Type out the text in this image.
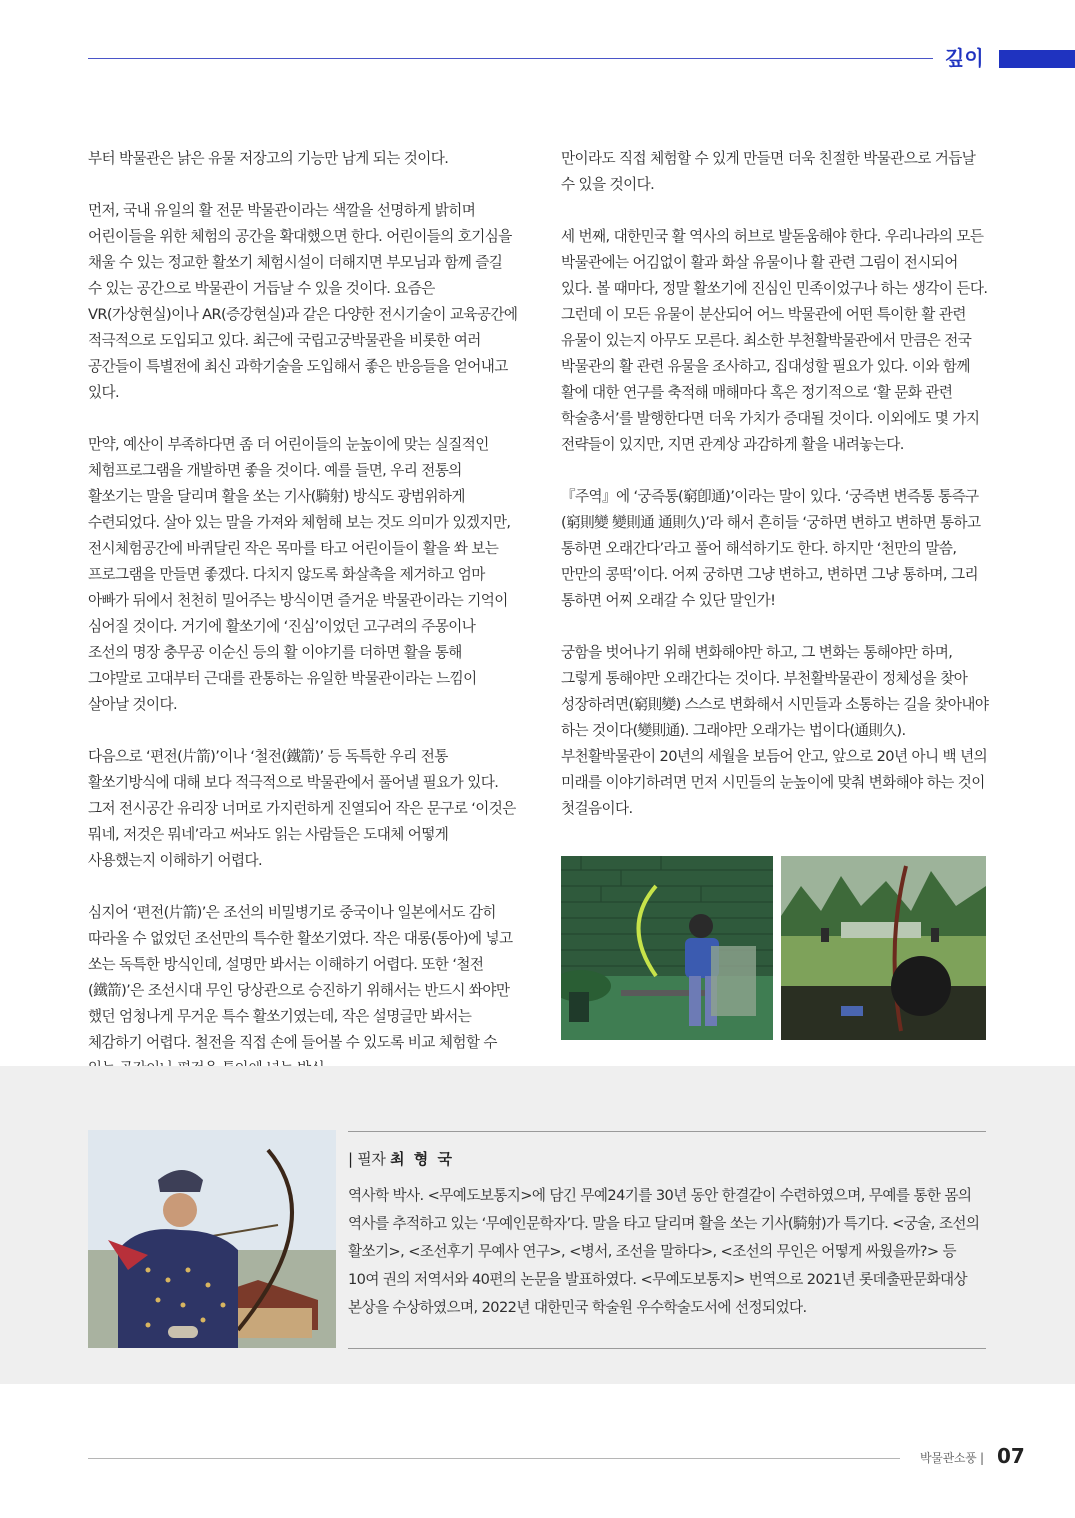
깊이

부터 박물관은 낡은 유물 저장고의 기능만 남게 되는 것이다.

먼저, 국내 유일의 활 전문 박물관이라는 색깔을 선명하게 밝히며 어린이들을 위한 체험의 공간을 확대했으면 한다. 어린이들의 호기심을 채울 수 있는 정교한 활쏘기 체험시설이 더해지면 부모님과 함께 즐길 수 있는 공간으로 박물관이 거듭날 수 있을 것이다. 요즘은 VR(가상현실)이나 AR(증강현실)과 같은 다양한 전시기술이 교육공간에 적극적으로 도입되고 있다. 최근에 국립고궁박물관을 비롯한 여러 공간들이 특별전에 최신 과학기술을 도입해서 좋은 반응들을 얻어내고 있다.

만약, 예산이 부족하다면 좀 더 어린이들의 눈높이에 맞는 실질적인 체험프로그램을 개발하면 좋을 것이다. 예를 들면, 우리 전통의 활쏘기는 말을 달리며 활을 쏘는 기사(騎射) 방식도 광범위하게 수련되었다. 살아 있는 말을 가져와 체험해 보는 것도 의미가 있겠지만, 전시체험공간에 바퀴달린 작은 목마를 타고 어린이들이 활을 쏴 보는 프로그램을 만들면 좋겠다. 다치지 않도록 화살촉을 제거하고 엄마 아빠가 뒤에서 천천히 밀어주는 방식이면 즐거운 박물관이라는 기억이 심어질 것이다. 거기에 활쏘기에 ‘진심’이었던 고구려의 주몽이나 조선의 명장 충무공 이순신 등의 활 이야기를 더하면 활을 통해 그야말로 고대부터 근대를 관통하는 유일한 박물관이라는 느낌이 살아날 것이다.

다음으로 ‘편전(片箭)’이나 ‘철전(鐵箭)’ 등 독특한 우리 전통 활쏘기방식에 대해 보다 적극적으로 박물관에서 풀어낼 필요가 있다. 그저 전시공간 유리장 너머로 가지런하게 진열되어 작은 문구로 ‘이것은 뭐네, 저것은 뭐네’라고 써놔도 읽는 사람들은 도대체 어떻게 사용했는지 이해하기 어렵다.

심지어 ‘편전(片箭)’은 조선의 비밀병기로 중국이나 일본에서도 감히 따라올 수 없었던 조선만의 특수한 활쏘기였다. 작은 대롱(통아)에 넣고 쏘는 독특한 방식인데, 설명만 봐서는 이해하기 어렵다. 또한 ‘철전(鐵箭)’은 조선시대 무인 당상관으로 승진하기 위해서는 반드시 쏴야만 했던 엄청나게 무거운 특수 활쏘기였는데, 작은 설명글만 봐서는 체감하기 어렵다. 철전을 직접 손에 들어볼 수 있도록 비교 체험할 수

만이라도 직접 체험할 수 있게 만들면 더욱 친절한 박물관으로 거듭날 수 있을 것이다.

세 번째, 대한민국 활 역사의 허브로 발돋움해야 한다. 우리나라의 모든 박물관에는 어김없이 활과 화살 유물이나 활 관련 그림이 전시되어 있다. 볼 때마다, 정말 활쏘기에 진심인 민족이었구나 하는 생각이 든다. 그런데 이 모든 유물이 분산되어 어느 박물관에 어떤 특이한 활 관련 유물이 있는지 아무도 모른다. 최소한 부천활박물관에서 만큼은 전국 박물관의 활 관련 유물을 조사하고, 집대성할 필요가 있다. 이와 함께 활에 대한 연구를 축적해 매해마다 혹은 정기적으로 ‘활 문화 관련 학술총서’를 발행한다면 더욱 가치가 증대될 것이다. 이외에도 몇 가지 전략들이 있지만, 지면 관계상 과감하게 활을 내려놓는다.

『주역』에 ‘궁즉통(窮卽通)’이라는 말이 있다. ‘궁즉변 변즉통 통즉구(窮則變 變則通 通則久)’라 해서 흔히들 ‘궁하면 변하고 변하면 통하고 통하면 오래간다’라고 풀어 해석하기도 한다. 하지만 ‘천만의 말씀, 만만의 콩떡’이다. 어찌 궁하면 그냥 변하고, 변하면 그냥 통하며, 그리 통하면 어찌 오래갈 수 있단 말인가!

궁함을 벗어나기 위해 변화해야만 하고, 그 변화는 통해야만 하며, 그렇게 통해야만 오래간다는 것이다. 부천활박물관이 정체성을 찾아 성장하려면(窮則變) 스스로 변화해서 시민들과 소통하는 길을 찾아내야 하는 것이다(變則通). 그래야만 오래가는 법이다(通則久). 부천활박물관이 20년의 세월을 보듬어 안고, 앞으로 20년 아니 백 년의 미래를 이야기하려면 먼저 시민들의 눈높이에 맞춰 변화해야 하는 것이 첫걸음이다.

| 필자 최 형 국

역사학 박사. <무예도보통지>에 담긴 무예24기를 30년 동안 한결같이 수련하였으며, 무예를 통한 몸의 역사를 추적하고 있는 ‘무예인문학자’다. 말을 타고 달리며 활을 쏘는 기사(騎射)가 특기다. <궁술, 조선의 활쏘기>, <조선후기 무예사 연구>, <병서, 조선을 말하다>, <조선의 무인은 어떻게 싸웠을까?> 등 10여 권의 저역서와 40편의 논문을 발표하였다. <무예도보통지> 번역으로 2021년 롯데출판문화대상 본상을 수상하였으며, 2022년 대한민국 학술원 우수학술도서에 선정되었다.

박물관소풍 | 07
